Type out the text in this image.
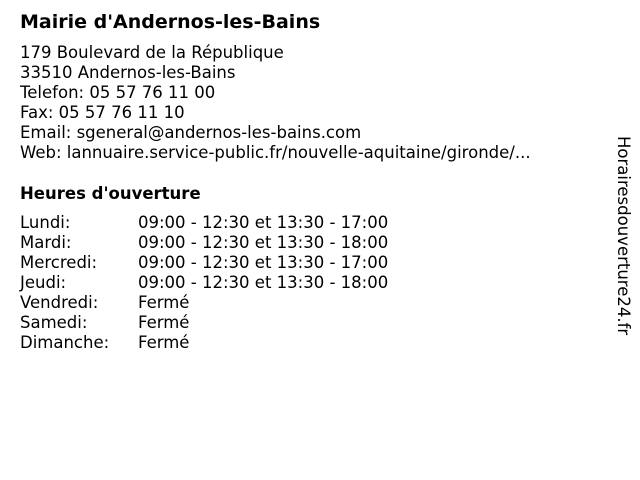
Mairie d'Andernos-les-Bains
179 Boulevard de la République
33510 Andernos-les-Bains
Telefon: 05 57 76 11 00
Fax: 05 57 76 11 10
Email: sgeneral@andernos-les-bains.com
Web: lannuaire.service-public.fr/nouvelle-aquitaine/gironde/...
Heures d'ouverture
Lundi:	09:00 - 12:30 et 13:30 - 17:00
Mardi:	09:00 - 12:30 et 13:30 - 18:00
Mercredi:	09:00 - 12:30 et 13:30 - 17:00
Jeudi:	09:00 - 12:30 et 13:30 - 18:00
Vendredi:	Fermé
Samedi:	Fermé
Dimanche:	Fermé
Horairesdouverture24.fr
